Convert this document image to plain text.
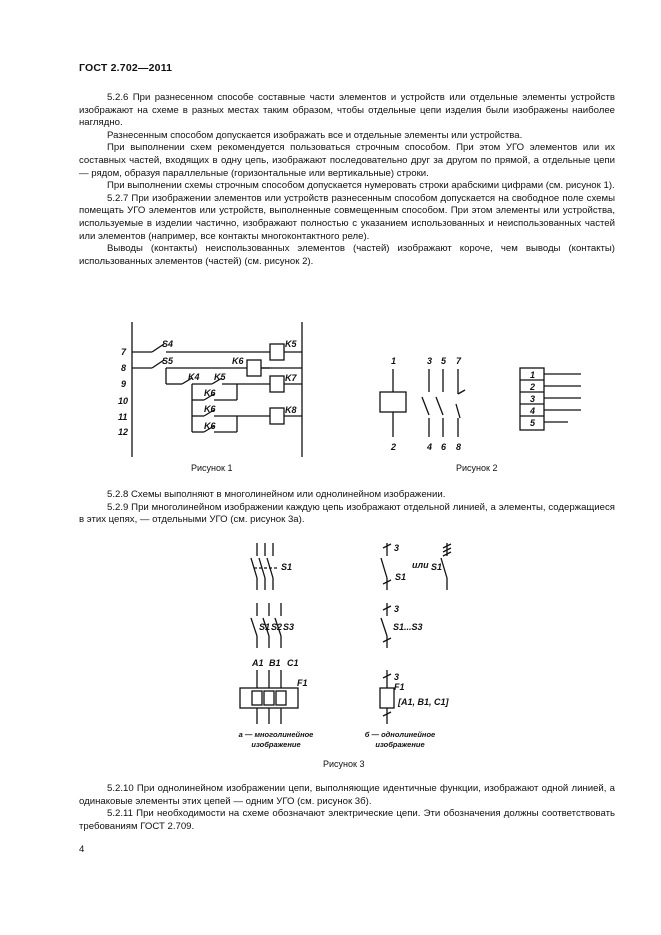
ГОСТ 2.702—2011

5.2.6 При разнесенном способе составные части элементов и устройств или отдельные элементы устройств изображают на схеме в разных местах таким образом, чтобы отдельные цепи изделия были изображены наиболее наглядно.

Разнесенным способом допускается изображать все и отдельные элементы или устройства.

При выполнении схем рекомендуется пользоваться строчным способом. При этом УГО элементов или их составных частей, входящих в одну цепь, изображают последовательно друг за другом по прямой, а отдельные цепи — рядом, образуя параллельные (горизонтальные или вертикальные) строки.

При выполнении схемы строчным способом допускается нумеровать строки арабскими цифрами (см. рисунок 1).

5.2.7 При изображении элементов или устройств разнесенным способом допускается на свободное поле схемы помещать УГО элементов или устройств, выполненные совмещенным способом. При этом элементы или устройства, используемые в изделии частично, изображают полностью с указанием использованных и неиспользованных частей или элементов (например, все контакты многоконтактного реле).

Выводы (контакты) неиспользованных элементов (частей) изображают короче, чем выводы (контакты) использованных элементов (частей) (см. рисунок 2).

7
8
9
10
11
12
S4
S5
K5
K6
K7
K8
K4 K5
K6
K6
K6
Рисунок 1
1	3 5 7
2	4 6 8
1
2
3
4
5
Рисунок 2

5.2.8 Схемы выполняют в многолинейном или однолинейном изображении.

5.2.9 При многолинейном изображении каждую цепь изображают отдельной линией, а элементы, содержащиеся в этих цепях, — отдельными УГО (см. рисунок 3а).

S1
S1 S2 S3
A1 B1 C1
F1
3
S1
или S1
3
S1...S3
3
F1
[A1, B1, C1]
а — многолинейное изображение
б — однолинейное изображение
Рисунок 3

5.2.10 При однолинейном изображении цепи, выполняющие идентичные функции, изображают одной линией, а одинаковые элементы этих цепей — одним УГО (см. рисунок 3б).

5.2.11 При необходимости на схеме обозначают электрические цепи. Эти обозначения должны соответствовать требованиям ГОСТ 2.709.

4
